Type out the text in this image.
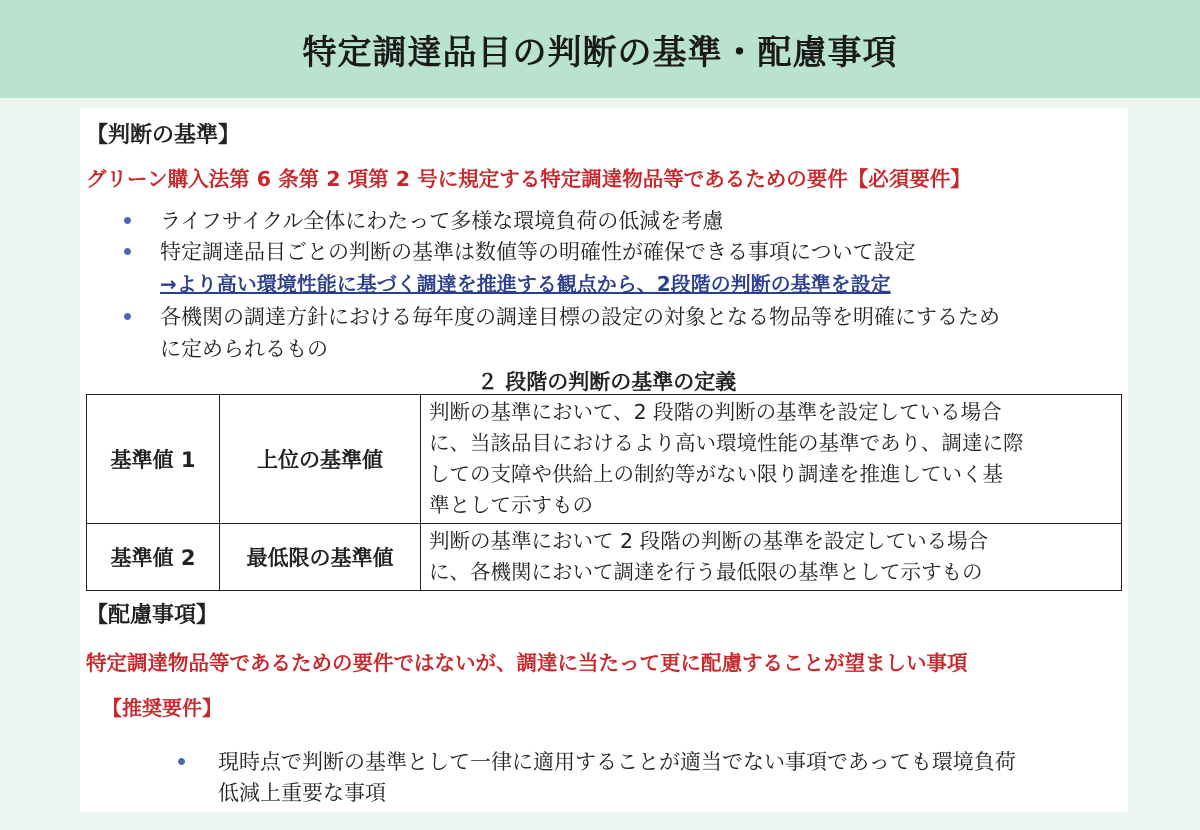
特定調達品目の判断の基準・配慮事項
【判断の基準】
グリーン購入法第 6 条第 2 項第 2 号に規定する特定調達物品等であるための要件【必須要件】
ライフサイクル全体にわたって多様な環境負荷の低減を考慮
特定調達品目ごとの判断の基準は数値等の明確性が確保できる事項について設定
→より高い環境性能に基づく調達を推進する観点から、2段階の判断の基準を設定
各機関の調達方針における毎年度の調達目標の設定の対象となる物品等を明確にするため
に定められるもの
２ 段階の判断の基準の定義
基準値 1	上位の基準値	判断の基準において、2 段階の判断の基準を設定している場合
に、当該品目におけるより高い環境性能の基準であり、調達に際
しての支障や供給上の制約等がない限り調達を推進していく基
準として示すもの

基準値 2	最低限の基準値	判断の基準において 2 段階の判断の基準を設定している場合
に、各機関において調達を行う最低限の基準として示すもの
【配慮事項】
特定調達物品等であるための要件ではないが、調達に当たって更に配慮することが望ましい事項
【推奨要件】
現時点で判断の基準として一律に適用することが適当でない事項であっても環境負荷
低減上重要な事項
